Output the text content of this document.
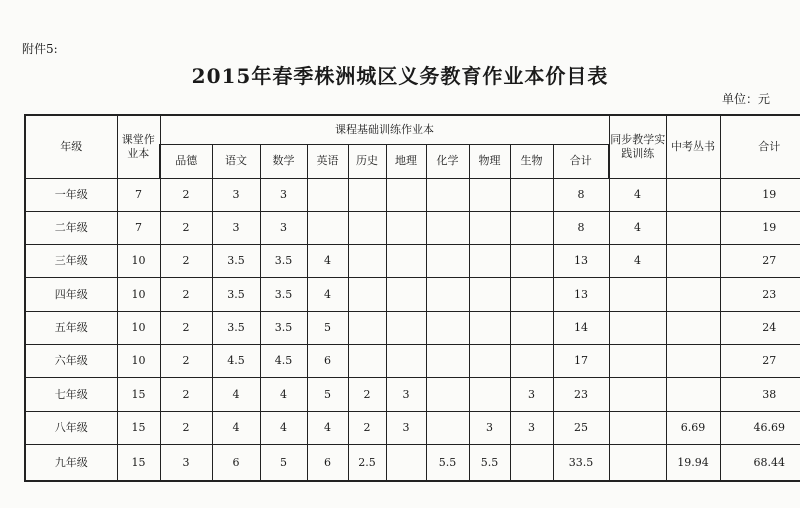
附件5:
2015年春季株洲城区义务教育作业本价目表
单位：元
年级	课堂作业本	课程基础训练作业本										同步教学实践训练	中考丛书	合计
		品德	语文	数学	英语	历史	地理	化学	物理	生物	合计			
一年级	7	2	3	3							8	4		19
二年级	7	2	3	3							8	4		19
三年级	10	2	3.5	3.5	4						13	4		27
四年级	10	2	3.5	3.5	4						13			23
五年级	10	2	3.5	3.5	5						14			24
六年级	10	2	4.5	4.5	6						17			27
七年级	15	2	4	4	5	2	3			3	23			38
八年级	15	2	4	4	4	2	3		3	3	25		6.69	46.69
九年级	15	3	6	5	6	2.5		5.5	5.5		33.5		19.94	68.44
